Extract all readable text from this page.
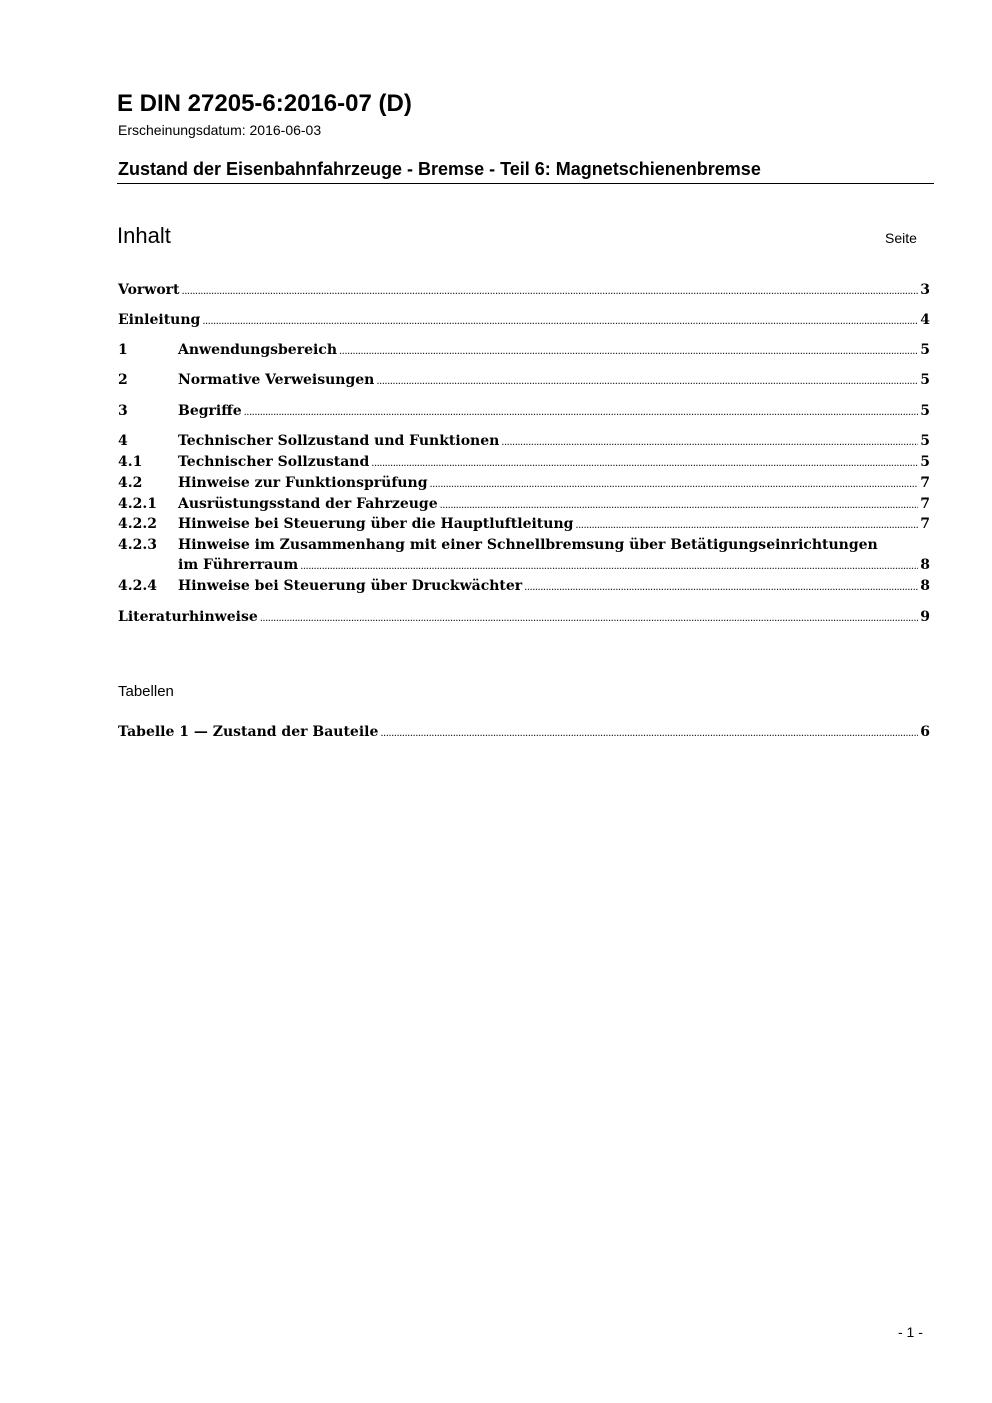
E DIN 27205-6:2016-07 (D)
Erscheinungsdatum: 2016-06-03
Zustand der Eisenbahnfahrzeuge - Bremse - Teil 6: Magnetschienenbremse
Inhalt	Seite
Vorwort .....	3
Einleitung .....	4
1	Anwendungsbereich .....	5
2	Normative Verweisungen .....	5
3	Begriffe .....	5
4	Technischer Sollzustand und Funktionen .....	5
4.1	Technischer Sollzustand .....	5
4.2	Hinweise zur Funktionsprüfung .....	7
4.2.1	Ausrüstungsstand der Fahrzeuge .....	7
4.2.2	Hinweise bei Steuerung über die Hauptluftleitung .....	7
4.2.3	Hinweise im Zusammenhang mit einer Schnellbremsung über Betätigungseinrichtungen
im Führerraum .....	8
4.2.4	Hinweise bei Steuerung über Druckwächter .....	8
Literaturhinweise .....	9
Tabellen
Tabelle 1 — Zustand der Bauteile .....	6
- 1 -
